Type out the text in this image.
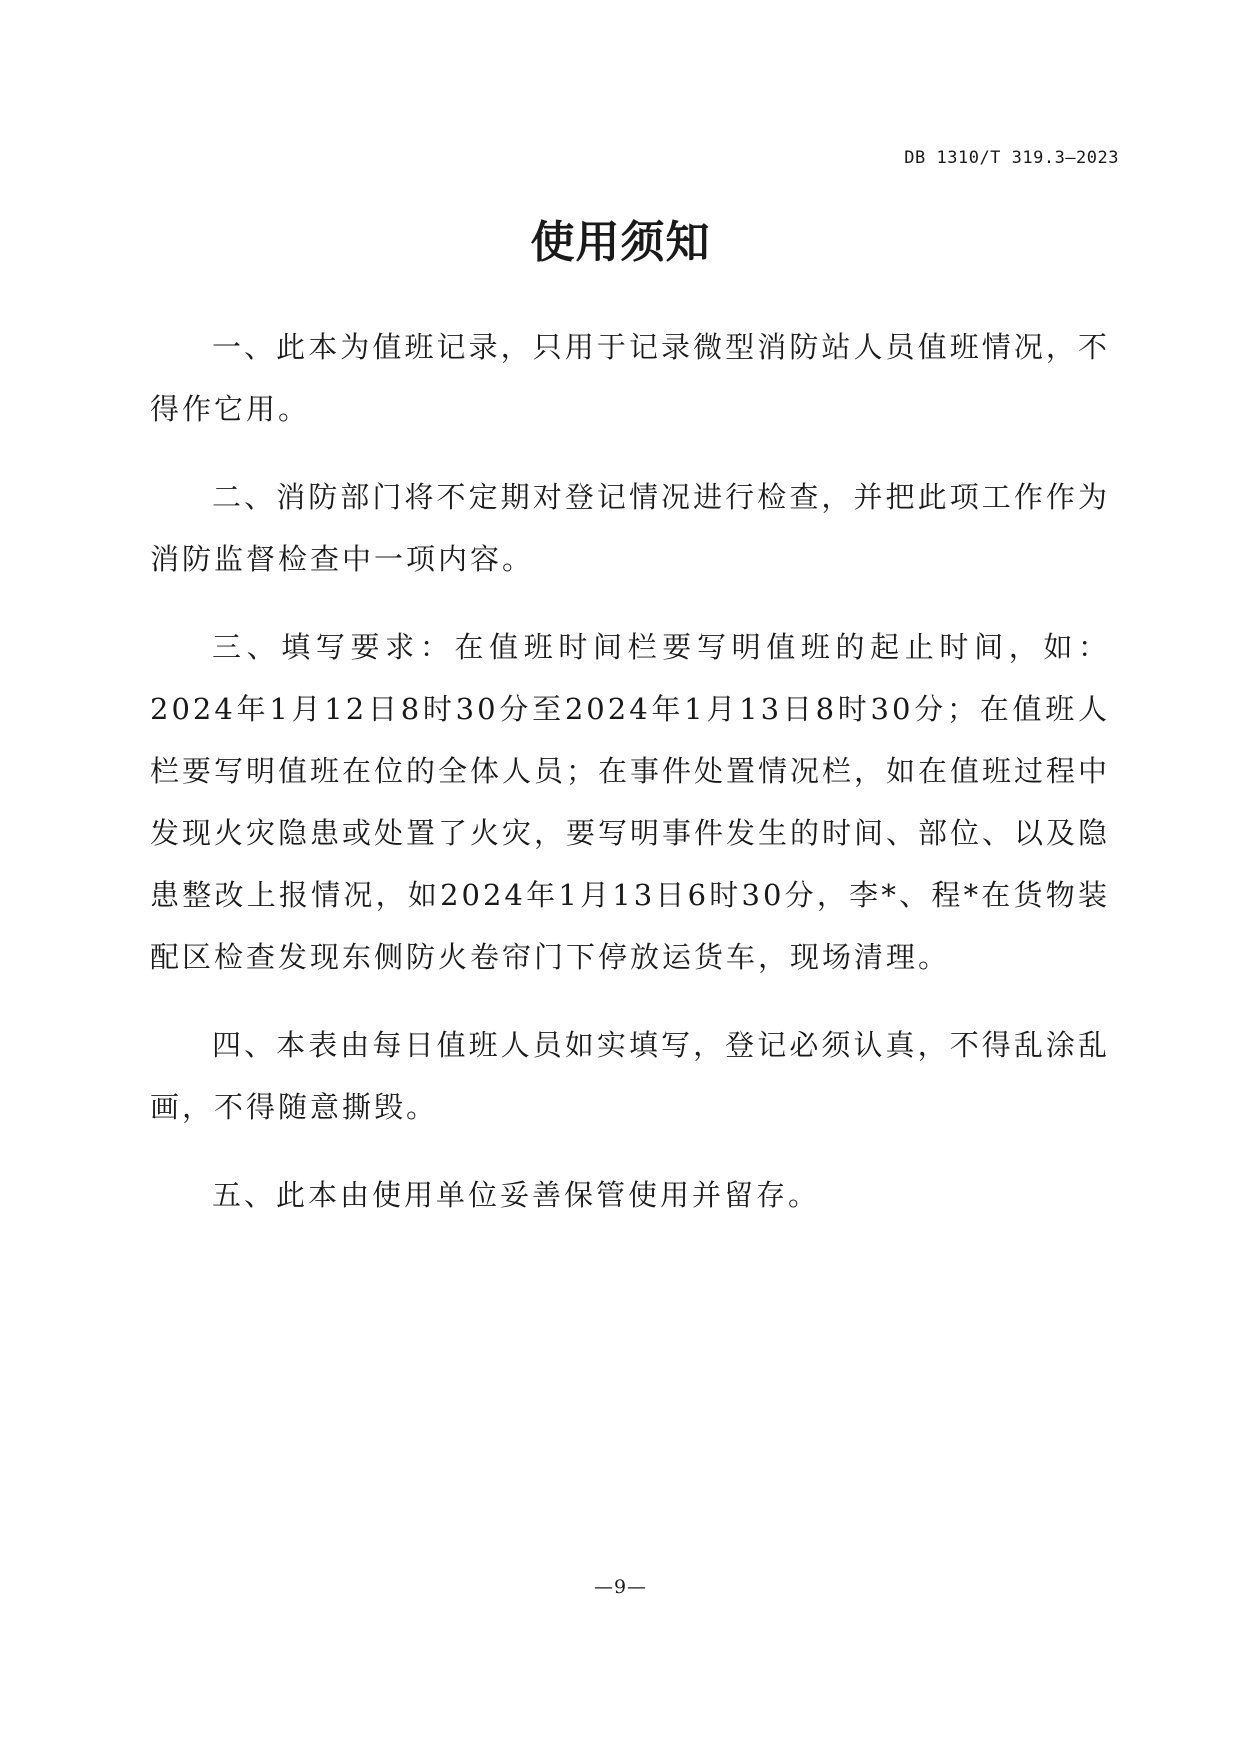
DB 1310/T 319.3—2023
使用须知

一、此本为值班记录，只用于记录微型消防站人员值班情况，不得作它用。

二、消防部门将不定期对登记情况进行检查，并把此项工作作为消防监督检查中一项内容。

三、填写要求：在值班时间栏要写明值班的起止时间，如：2024年1月12日8时30分至2024年1月13日8时30分；在值班人栏要写明值班在位的全体人员；在事件处置情况栏，如在值班过程中发现火灾隐患或处置了火灾，要写明事件发生的时间、部位、以及隐患整改上报情况，如2024年1月13日6时30分，李*、程*在货物装配区检查发现东侧防火卷帘门下停放运货车，现场清理。

四、本表由每日值班人员如实填写，登记必须认真，不得乱涂乱画，不得随意撕毁。

五、此本由使用单位妥善保管使用并留存。

—9—
